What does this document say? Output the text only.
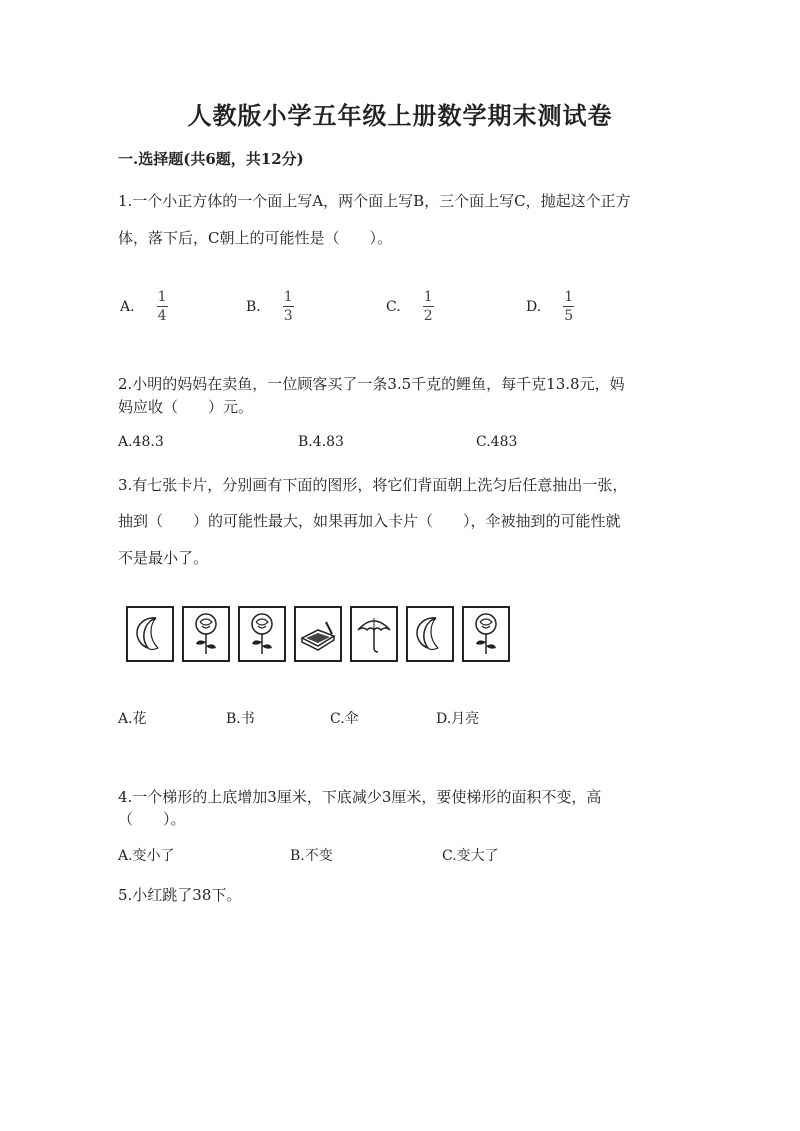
人教版小学五年级上册数学期末测试卷
一.选择题(共6题，共12分)
1.一个小正方体的一个面上写A，两个面上写B，三个面上写C，抛起这个正方
体，落下后，C朝上的可能性是（　　）。
A. $\frac{1}{4}$	B. $\frac{1}{3}$	C. $\frac{1}{2}$	D. $\frac{1}{5}$
2.小明的妈妈在卖鱼，一位顾客买了一条3.5千克的鲤鱼，每千克13.8元，妈
妈应收（　　）元。
A.48.3	B.4.83	C.483
3.有七张卡片，分别画有下面的图形，将它们背面朝上洗匀后任意抽出一张，
抽到（　　）的可能性最大，如果再加入卡片（　　），伞被抽到的可能性就
不是最小了。
A.花	B.书	C.伞	D.月亮
4.一个梯形的上底增加3厘米，下底减少3厘米，要使梯形的面积不变，高
（　　）。
A.变小了	B.不变	C.变大了
5.小红跳了38下。
